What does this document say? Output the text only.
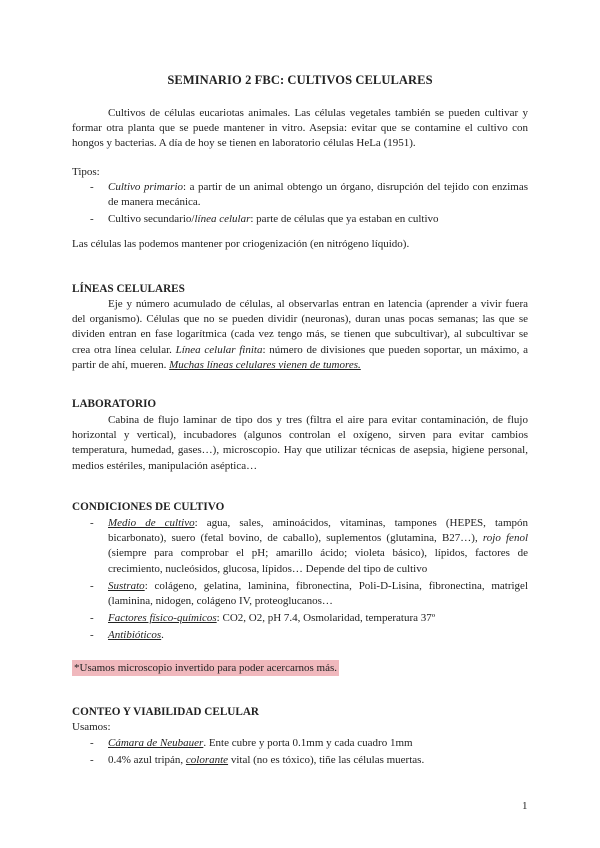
SEMINARIO 2 FBC: CULTIVOS CELULARES

Cultivos de células eucariotas animales. Las células vegetales también se pueden cultivar y formar otra planta que se puede mantener in vitro. Asepsia: evitar que se contamine el cultivo con hongos y bacterias. A día de hoy se tienen en laboratorio células HeLa (1951).

Tipos:

- Cultivo primario: a partir de un animal obtengo un órgano, disrupción del tejido con enzimas de manera mecánica.
- Cultivo secundario/línea celular: parte de células que ya estaban en cultivo

Las células las podemos mantener por criogenización (en nitrógeno líquido).

LÍNEAS CELULARES

Eje y número acumulado de células, al observarlas entran en latencia (aprender a vivir fuera del organismo). Células que no se pueden dividir (neuronas), duran unas pocas semanas; las que se dividen entran en fase logarítmica (cada vez tengo más, se tienen que subcultivar), al subcultivar se crea otra línea celular. Línea celular finita: número de divisiones que pueden soportar, un máximo, a partir de ahí, mueren. Muchas líneas celulares vienen de tumores.

LABORATORIO

Cabina de flujo laminar de tipo dos y tres (filtra el aire para evitar contaminación, de flujo horizontal y vertical), incubadores (algunos controlan el oxígeno, sirven para evitar cambios temperatura, humedad, gases…), microscopio. Hay que utilizar técnicas de asepsia, higiene personal, medios estériles, manipulación aséptica…

CONDICIONES DE CULTIVO

- Medio de cultivo: agua, sales, aminoácidos, vitaminas, tampones (HEPES, tampón bicarbonato), suero (fetal bovino, de caballo), suplementos (glutamina, B27…), rojo fenol (siempre para comprobar el pH; amarillo ácido; violeta básico), lípidos, factores de crecimiento, nucleósidos, glucosa, lípidos… Depende del tipo de cultivo
- Sustrato: colágeno, gelatina, laminina, fibronectina, Poli-D-Lisina, fibronectina, matrigel (laminina, nidogen, colágeno IV, proteoglucanos…
- Factores físico-químicos: CO2, O2, pH 7.4, Osmolaridad, temperatura 37º
- Antibióticos.
*Usamos microscopio invertido para poder acercarnos más.

CONTEO Y VIABILIDAD CELULAR

Usamos:

- Cámara de Neubauer. Ente cubre y porta 0.1mm y cada cuadro 1mm
- 0.4% azul tripán, colorante vital (no es tóxico), tiñe las células muertas.
1
